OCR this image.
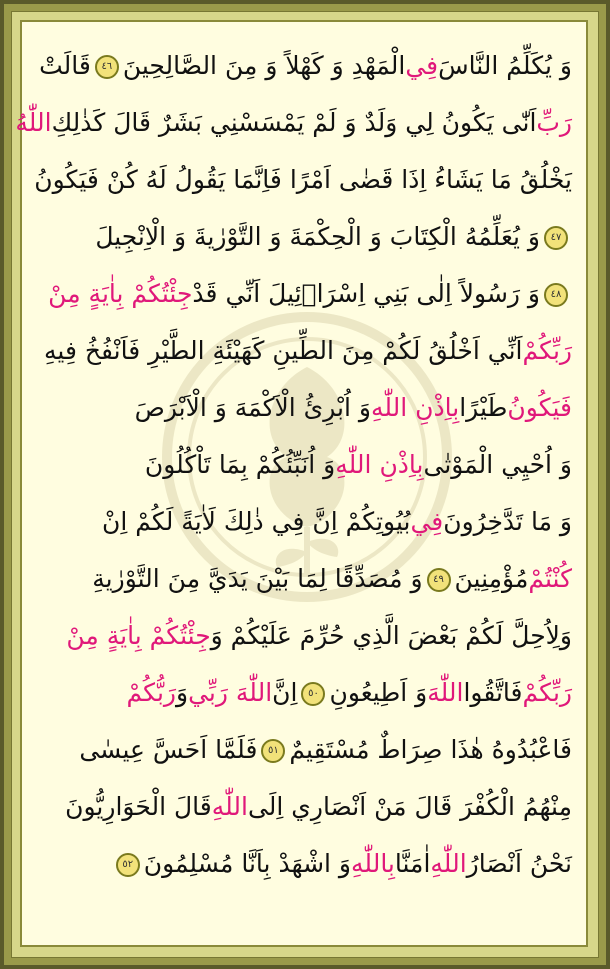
وَ يُكَلِّمُ النَّاسَفِيالْمَهْدِ وَ كَهْلاً وَ مِنَ الصَّالِحِينَ٤٦قَالَتْ
رَبِّاَنّٰى يَكُونُ لِي وَلَدٌ وَ لَمْ يَمْسَسْنِي بَشَرٌ قَالَ كَذٰلِكِاللّٰهُ
يَخْلُقُ مَا يَشَاءُ اِذَا قَضٰى اَمْرًا فَاِنَّمَا يَقُولُ لَهُ كُنْ فَيَكُونُ
٤٧وَ يُعَلِّمُهُ الْكِتَابَ وَ الْحِكْمَةَ وَ التَّوْرٰيةَ وَ الْاِنْجِيلَ
٤٨وَ رَسُولاً اِلٰى بَنِي اِسْرَاۤئِيلَ اَنِّي قَدْجِئْتُكُمْ بِاٰيَةٍ مِنْ
رَبِّكُمْاَنِّي اَخْلُقُ لَكُمْ مِنَ الطِّينِ كَهَيْئَةِ الطَّيْرِ فَاَنْفُخُ فِيهِ
فَيَكُونُطَيْرًابِاِذْنِ اللّٰهِوَ اُبْرِئُ الْاَكْمَهَ وَ الْاَبْرَصَ
وَ اُحْيِي الْمَوْتٰىبِاِذْنِ اللّٰهِوَ اُنَبِّئُكُمْ بِمَا تَاْكُلُونَ
وَ مَا تَدَّخِرُونَفِيبُيُوتِكُمْ اِنَّ فِي ذٰلِكَ لَاٰيَةً لَكُمْ اِنْ
كُنْتُمْمُؤْمِنِينَ٤٩وَ مُصَدِّقًا لِمَا بَيْنَ يَدَيَّ مِنَ التَّوْرٰيةِ
وَلِاُحِلَّ لَكُمْ بَعْضَ الَّذِي حُرِّمَ عَلَيْكُمْ وَجِئْتُكُمْ بِاٰيَةٍ مِنْ
رَبِّكُمْفَاتَّقُوااللّٰهَوَ اَطِيعُونِ٥٠اِنَّاللّٰهَ رَبِّيوَرَبُّكُمْ
فَاعْبُدُوهُ هٰذَا صِرَاطٌ مُسْتَقِيمٌ٥١فَلَمَّا اَحَسَّ عِيسٰى
مِنْهُمُ الْكُفْرَ قَالَ مَنْ اَنْصَارِي اِلَىاللّٰهِقَالَ الْحَوَارِيُّونَ
نَحْنُ اَنْصَارُاللّٰهِاٰمَنَّابِاللّٰهِوَ اشْهَدْ بِاَنَّا مُسْلِمُونَ٥٢
